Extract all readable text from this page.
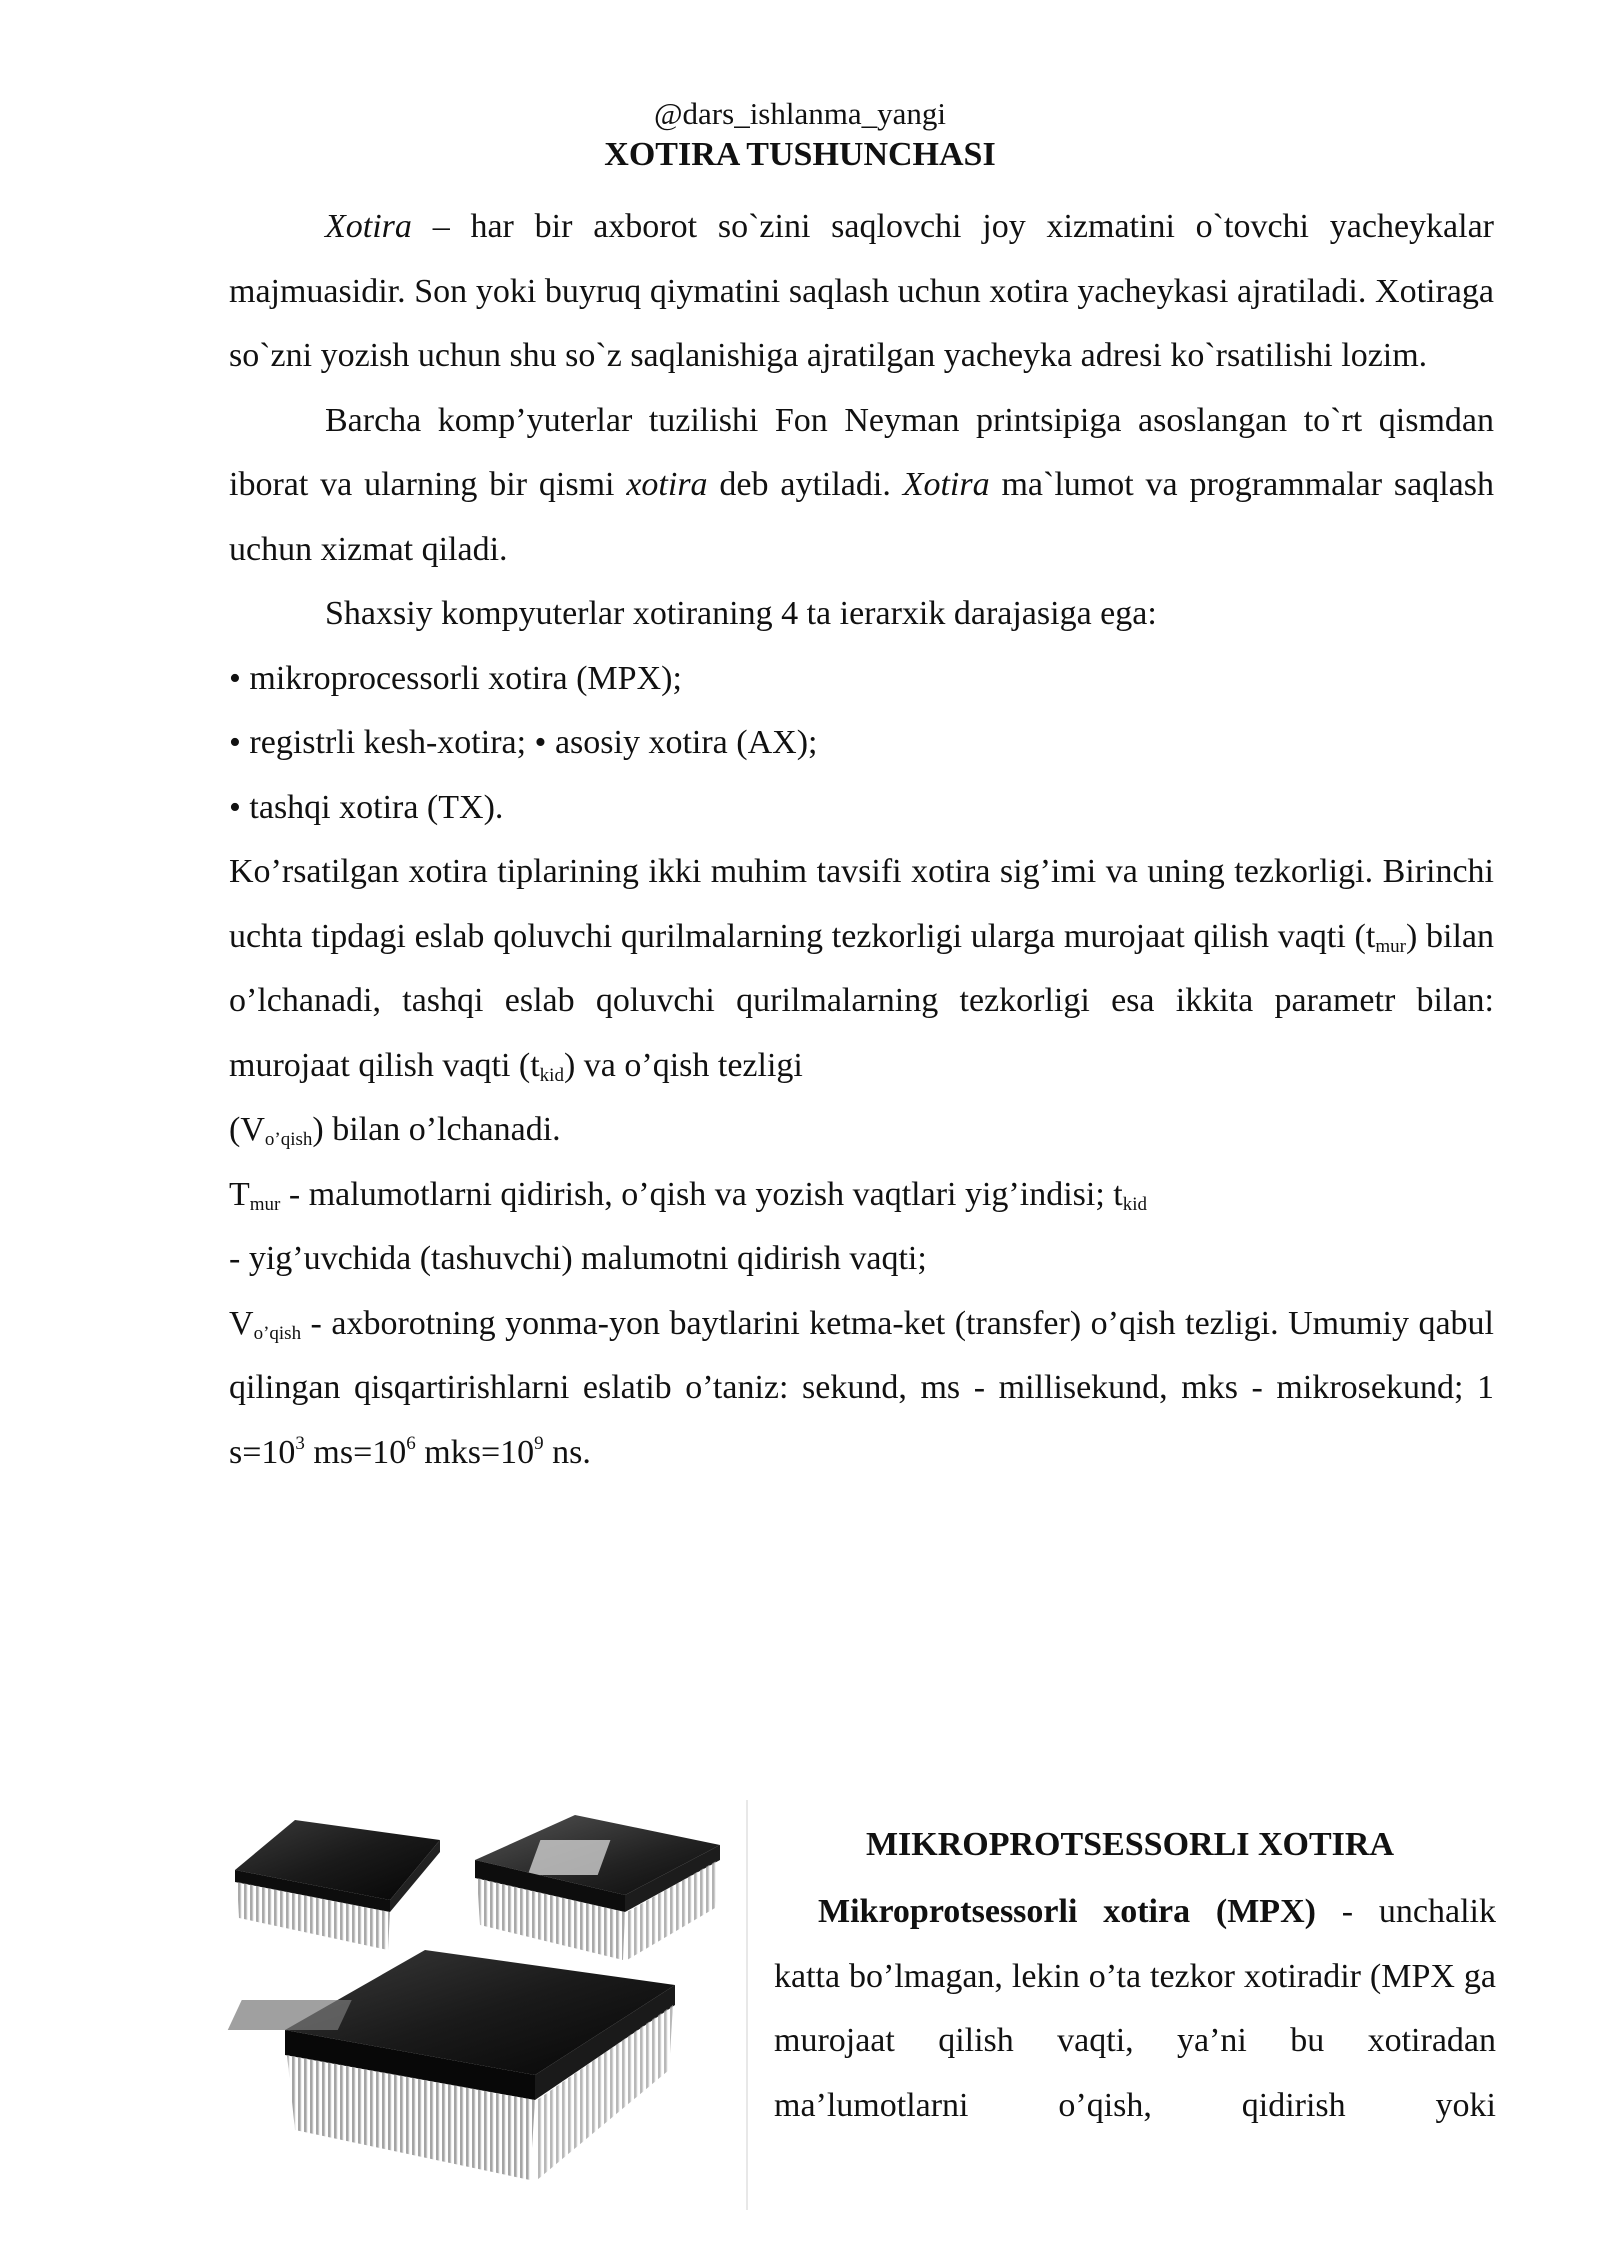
@dars_ishlanma_yangi
XOTIRA TUSHUNCHASI

Xotira – har bir axborot so`zini saqlovchi joy xizmatini o`tovchi yacheykalar majmuasidir. Son yoki buyruq qiymatini saqlash uchun xotira yacheykasi ajratiladi. Xotiraga so`zni yozish uchun shu so`z saqlanishiga ajratilgan yacheyka adresi ko`rsatilishi lozim.

Barcha komp’yuterlar tuzilishi Fon Neyman printsipiga asoslangan to`rt qismdan iborat va ularning bir qismi xotira deb aytiladi. Xotira ma`lumot va programmalar saqlash uchun xizmat qiladi.

Shaxsiy kompyuterlar xotiraning 4 ta ierarxik darajasiga ega:

• mikroprocessorli xotira (MPX);

• registrli kesh-xotira; • asosiy xotira (AX);

• tashqi xotira (TX).

Ko’rsatilgan xotira tiplarining ikki muhim tavsifi xotira sig’imi va uning tezkorligi. Birinchi uchta tipdagi eslab qoluvchi qurilmalarning tezkorligi ularga murojaat qilish vaqti $(t_{mur})$ bilan o’lchanadi, tashqi eslab qoluvchi qurilmalarning tezkorligi esa ikkita parametr bilan: murojaat qilish vaqti $(t_{kid})$ va o’qish tezligi

$(V_{o’qish})$ bilan o’lchanadi.

$T_{mur}$ - malumotlarni qidirish, o’qish va yozish vaqtlari yig’indisi; $t_{kid}$

- yig’uvchida (tashuvchi) malumotni qidirish vaqti;

$V_{o’qish}$ - axborotning yonma-yon baytlarini ketma-ket (transfer) o’qish tezligi. Umumiy qabul qilingan qisqartirishlarni eslatib o’taniz: sekund, ms - millisekund, mks - mikrosekund; 1 $s=10^3$ $ms=10^6$ $mks=10^9$ ns.

MIKROPROTSESSORLI XOTIRA

Mikroprotsessorli xotira (MPX) - unchalik katta bo’lmagan, lekin o’ta tezkor xotiradir (MPX ga murojaat qilish vaqti, ya’ni bu xotiradan ma’lumotlarni o’qish, qidirish yoki
